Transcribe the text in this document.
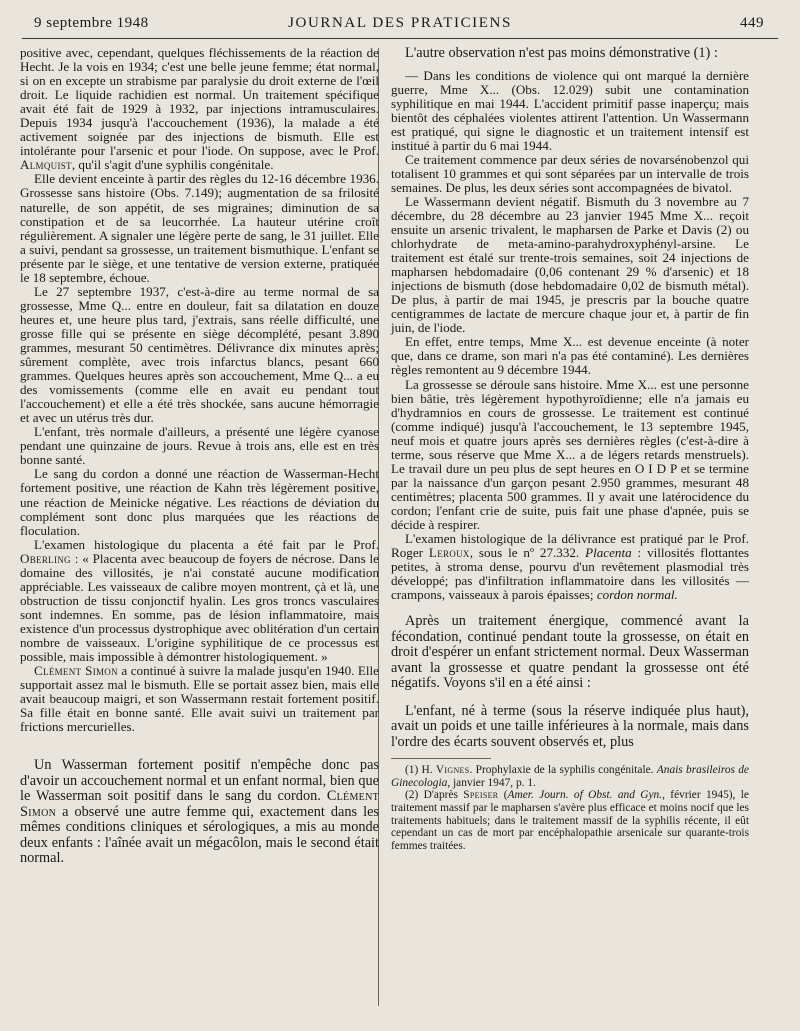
9 septembre 1948	JOURNAL DES PRATICIENS	449

positive avec, cependant, quelques fléchissements de la réaction de Hecht. Je la vois en 1934; c'est une belle jeune femme; état normal, si on en excepte un strabisme par paralysie du droit externe de l'œil droit. Le liquide rachidien est normal. Un traitement spécifique avait été fait de 1929 à 1932, par injections intramusculaires. Depuis 1934 jusqu'à l'accouchement (1936), la malade a été activement soignée par des injections de bismuth. Elle est intolérante pour l'arsenic et pour l'iode. On suppose, avec le Prof. Almquist, qu'il s'agit d'une syphilis congénitale.

Elle devient enceinte à partir des règles du 12-16 décembre 1936. Grossesse sans histoire (Obs. 7.149); augmentation de sa frilosité naturelle, de son appétit, de ses migraines; diminution de sa constipation et de sa leucorrhée. La hauteur utérine croît régulièrement. A signaler une légère perte de sang, le 31 juillet. Elle a suivi, pendant sa grossesse, un traitement bismuthique. L'enfant se présente par le siège, et une tentative de version externe, pratiquée le 18 septembre, échoue.

Le 27 septembre 1937, c'est-à-dire au terme normal de sa grossesse, Mme Q... entre en douleur, fait sa dilatation en douze heures et, une heure plus tard, j'extrais, sans réelle difficulté, une grosse fille qui se présente en siège décomplété, pesant 3.890 grammes, mesurant 50 centimètres. Délivrance dix minutes après; sûrement complète, avec trois infarctus blancs, pesant 660 grammes. Quelques heures après son accouchement, Mme Q... a eu des vomissements (comme elle en avait eu pendant tout l'accouchement) et elle a été très shockée, sans aucune hémorragie et avec un utérus très dur.

L'enfant, très normale d'ailleurs, a présenté une légère cyanose pendant une quinzaine de jours. Revue à trois ans, elle est en très bonne santé.

Le sang du cordon a donné une réaction de Wasserman-Hecht fortement positive, une réaction de Kahn très légèrement positive, une réaction de Meinicke négative. Les réactions de déviation du complément sont donc plus marquées que les réactions de floculation.

L'examen histologique du placenta a été fait par le Prof. Oberling : « Placenta avec beaucoup de foyers de nécrose. Dans le domaine des villosités, je n'ai constaté aucune modification appréciable. Les vaisseaux de calibre moyen montrent, çà et là, une obstruction de tissu conjonctif hyalin. Les gros troncs vasculaires sont indemnes. En somme, pas de lésion inflammatoire, mais existence d'un processus dystrophique avec oblitération d'un certain nombre de vaisseaux. L'origine syphilitique de ce processus est possible, mais impossible à démontrer histologiquement. »

Clément Simon a continué à suivre la malade jusqu'en 1940. Elle supportait assez mal le bismuth. Elle se portait assez bien, mais elle avait beaucoup maigri, et son Wassermann restait fortement positif. Sa fille était en bonne santé. Elle avait suivi un traitement par frictions mercurielles.

Un Wasserman fortement positif n'empêche donc pas d'avoir un accouchement normal et un enfant normal, bien que le Wasserman soit positif dans le sang du cordon. Clément Simon a observé une autre femme qui, exactement dans les mêmes conditions cliniques et sérologiques, a mis au monde deux enfants : l'aînée avait un mégacôlon, mais le second était normal.

L'autre observation n'est pas moins démonstrative (1) :

— Dans les conditions de violence qui ont marqué la dernière guerre, Mme X... (Obs. 12.029) subit une contamination syphilitique en mai 1944. L'accident primitif passe inaperçu; mais bientôt des céphalées violentes attirent l'attention. Un Wassermann est pratiqué, qui signe le diagnostic et un traitement intensif est institué à partir du 6 mai 1944.

Ce traitement commence par deux séries de novarsénobenzol qui totalisent 10 grammes et qui sont séparées par un intervalle de trois semaines. De plus, les deux séries sont accompagnées de bivatol.

Le Wassermann devient négatif. Bismuth du 3 novembre au 7 décembre, du 28 décembre au 23 janvier 1945 Mme X... reçoit ensuite un arsenic trivalent, le mapharsen de Parke et Davis (2) ou chlorhydrate de meta-amino-parahydroxyphényl-arsine. Le traitement est étalé sur trente-trois semaines, soit 24 injections de mapharsen hebdomadaire (0,06 contenant 29 % d'arsenic) et 18 injections de bismuth (dose hebdomadaire 0,02 de bismuth métal). De plus, à partir de mai 1945, je prescris par la bouche quatre centigrammes de lactate de mercure chaque jour et, à partir de fin juin, de l'iode.

En effet, entre temps, Mme X... est devenue enceinte (à noter que, dans ce drame, son mari n'a pas été contaminé). Les dernières règles remontent au 9 décembre 1944.

La grossesse se déroule sans histoire. Mme X... est une personne bien bâtie, très légèrement hypothyroïdienne; elle n'a jamais eu d'hydramnios en cours de grossesse. Le traitement est continué (comme indiqué) jusqu'à l'accouchement, le 13 septembre 1945, neuf mois et quatre jours après ses dernières règles (c'est-à-dire à terme, sous réserve que Mme X... a de légers retards menstruels). Le travail dure un peu plus de sept heures en O I D P et se termine par la naissance d'un garçon pesant 2.950 grammes, mesurant 48 centimètres; placenta 500 grammes. Il y avait une latérocidence du cordon; l'enfant crie de suite, puis fait une phase d'apnée, puis se décide à respirer.

L'examen histologique de la délivrance est pratiqué par le Prof. Roger Leroux, sous le nº 27.332. Placenta : villosités flottantes petites, à stroma dense, pourvu d'un revêtement plasmodial très développé; pas d'infiltration inflammatoire dans les villosités — crampons, vaisseaux à parois épaisses; cordon normal.

Après un traitement énergique, commencé avant la fécondation, continué pendant toute la grossesse, on était en droit d'espérer un enfant strictement normal. Deux Wasserman avant la grossesse et quatre pendant la grossesse ont été négatifs. Voyons s'il en a été ainsi :

L'enfant, né à terme (sous la réserve indiquée plus haut), avait un poids et une taille inférieures à la normale, mais dans l'ordre des écarts souvent observés et, plus

(1) H. Vignes. Prophylaxie de la syphilis congénitale. Anais brasileiros de Ginecologia, janvier 1947, p. 1.

(2) D'après Speiser (Amer. Journ. of Obst. and Gyn., février 1945), le traitement massif par le mapharsen s'avère plus efficace et moins nocif que les traitements habituels; dans le traitement massif de la syphilis récente, il eût cependant un cas de mort par encéphalopathie arsenicale sur quarante-trois femmes traitées.
